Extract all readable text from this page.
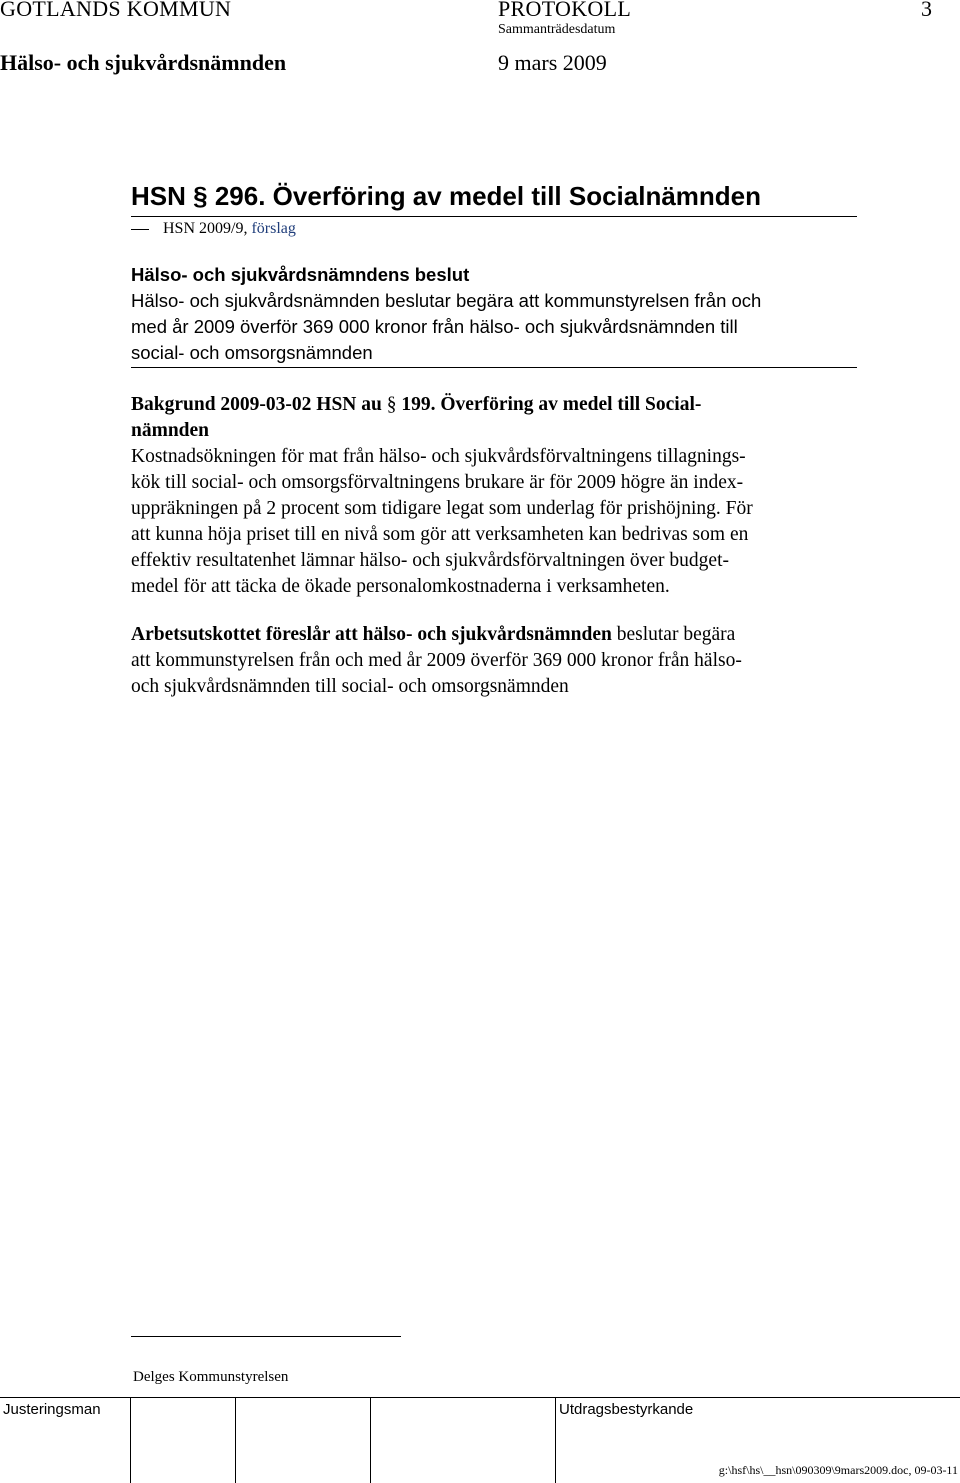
GOTLANDS KOMMUN	PROTOKOLL	3
Sammanträdesdatum
Hälso- och sjukvårdsnämnden	9 mars 2009
HSN § 296. Överföring av medel till Socialnämnden
HSN 2009/9, förslag
Hälso- och sjukvårdsnämndens beslut
Hälso- och sjukvårdsnämnden beslutar begära att kommunstyrelsen från och
med år 2009 överför 369 000 kronor från hälso- och sjukvårdsnämnden till
social- och omsorgsnämnden
Bakgrund 2009-03-02 HSN au § 199. Överföring av medel till Social-
nämnden
Kostnadsökningen för mat från hälso- och sjukvårdsförvaltningens tillagnings-
kök till social- och omsorgsförvaltningens brukare är för 2009 högre än index-
uppräkningen på 2 procent som tidigare legat som underlag för prishöjning. För
att kunna höja priset till en nivå som gör att verksamheten kan bedrivas som en
effektiv resultatenhet lämnar hälso- och sjukvårdsförvaltningen över budget-
medel för att täcka de ökade personalomkostnaderna i verksamheten.
Arbetsutskottet föreslår att hälso- och sjukvårdsnämnden beslutar begära
att kommunstyrelsen från och med år 2009 överför 369 000 kronor från hälso-
och sjukvårdsnämnden till social- och omsorgsnämnden
Delges Kommunstyrelsen
Justeringsman	Utdragsbestyrkande
g:\hsf\hs\__hsn\090309\9mars2009.doc, 09-03-11
